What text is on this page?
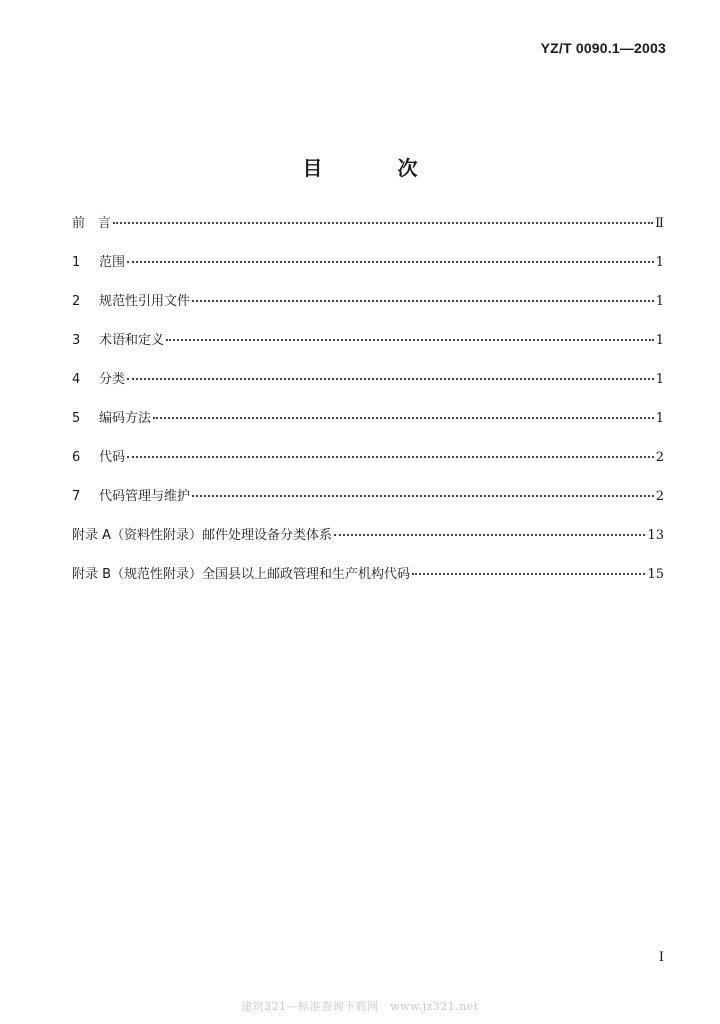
YZ/T 0090.1—2003
目 次
前　言	Ⅱ
1	范围	1
2	规范性引用文件	1
3	术语和定义	1
4	分类	1
5	编码方法	1
6	代码	2
7	代码管理与维护	2
附录 A（资料性附录）邮件处理设备分类体系	13
附录 B（规范性附录）全国县以上邮政管理和生产机构代码	15
I
建筑321—标准查询下载网　www.jz321.net
